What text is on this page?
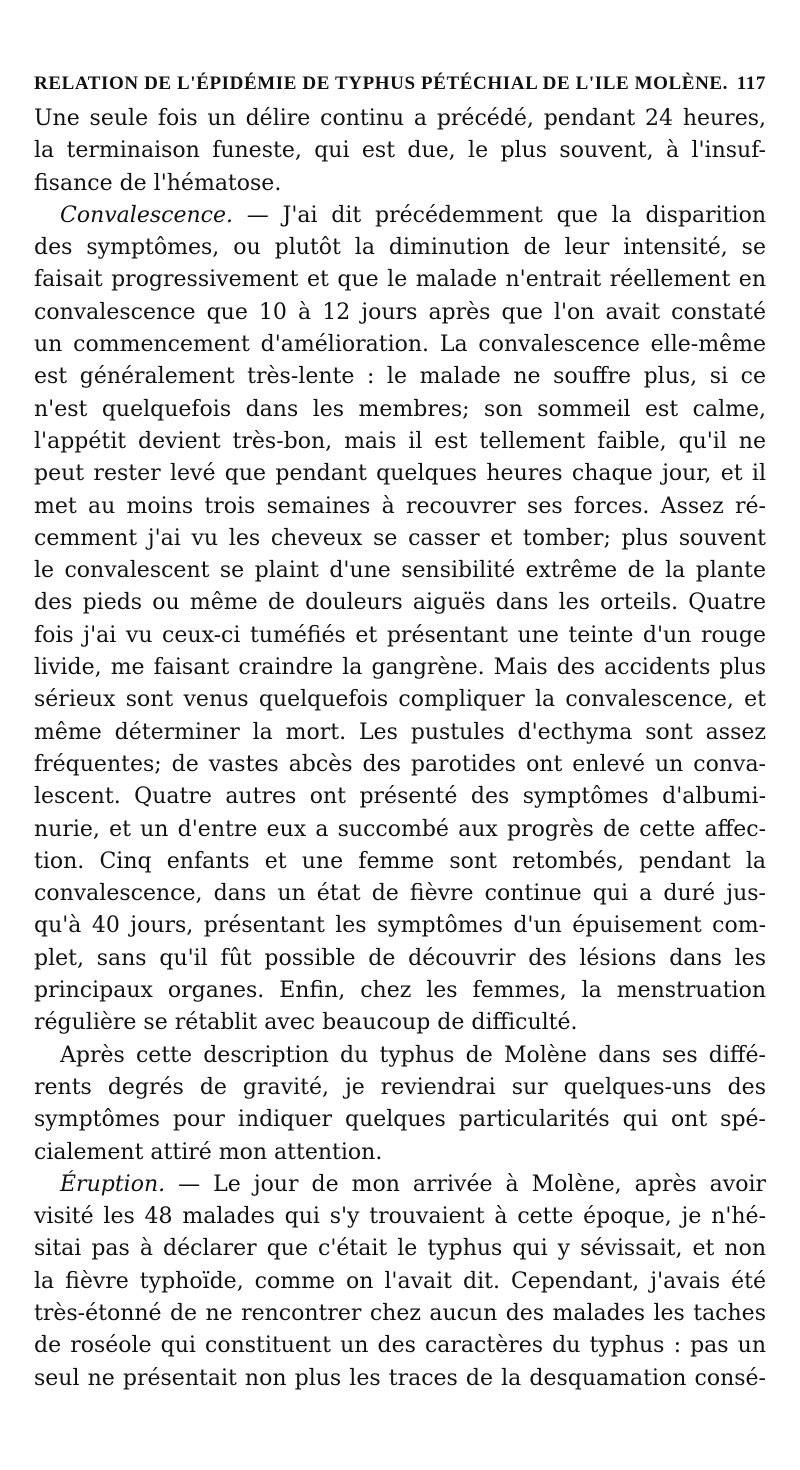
RELATION DE L'ÉPIDÉMIE DE TYPHUS PÉTÉCHIAL DE L'ILE MOLÈNE. 117
Une seule fois un délire continu a précédé, pendant 24 heures,
la terminaison funeste, qui est due, le plus souvent, à l'insuf-
fisance de l'hématose.
Convalescence. — J'ai dit précédemment que la disparition
des symptômes, ou plutôt la diminution de leur intensité, se
faisait progressivement et que le malade n'entrait réellement en
convalescence que 10 à 12 jours après que l'on avait constaté
un commencement d'amélioration. La convalescence elle-même
est généralement très-lente : le malade ne souffre plus, si ce
n'est quelquefois dans les membres; son sommeil est calme,
l'appétit devient très-bon, mais il est tellement faible, qu'il ne
peut rester levé que pendant quelques heures chaque jour, et il
met au moins trois semaines à recouvrer ses forces. Assez ré-
cemment j'ai vu les cheveux se casser et tomber; plus souvent
le convalescent se plaint d'une sensibilité extrême de la plante
des pieds ou même de douleurs aiguës dans les orteils. Quatre
fois j'ai vu ceux-ci tuméfiés et présentant une teinte d'un rouge
livide, me faisant craindre la gangrène. Mais des accidents plus
sérieux sont venus quelquefois compliquer la convalescence, et
même déterminer la mort. Les pustules d'ecthyma sont assez
fréquentes; de vastes abcès des parotides ont enlevé un conva-
lescent. Quatre autres ont présenté des symptômes d'albumi-
nurie, et un d'entre eux a succombé aux progrès de cette affec-
tion. Cinq enfants et une femme sont retombés, pendant la
convalescence, dans un état de fièvre continue qui a duré jus-
qu'à 40 jours, présentant les symptômes d'un épuisement com-
plet, sans qu'il fût possible de découvrir des lésions dans les
principaux organes. Enfin, chez les femmes, la menstruation
régulière se rétablit avec beaucoup de difficulté.
Après cette description du typhus de Molène dans ses diffé-
rents degrés de gravité, je reviendrai sur quelques-uns des
symptômes pour indiquer quelques particularités qui ont spé-
cialement attiré mon attention.
Éruption. — Le jour de mon arrivée à Molène, après avoir
visité les 48 malades qui s'y trouvaient à cette époque, je n'hé-
sitai pas à déclarer que c'était le typhus qui y sévissait, et non
la fièvre typhoïde, comme on l'avait dit. Cependant, j'avais été
très-étonné de ne rencontrer chez aucun des malades les taches
de roséole qui constituent un des caractères du typhus : pas un
seul ne présentait non plus les traces de la desquamation consé-
